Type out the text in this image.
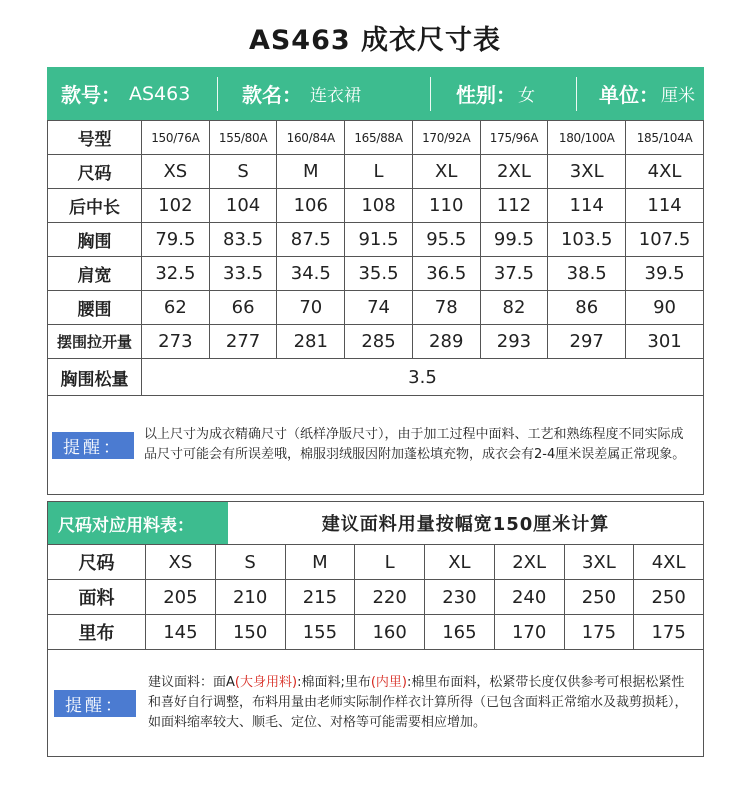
AS463 成衣尺寸表
款号： AS463	款名： 连衣裙	性别： 女	单位： 厘米
号型	150/76A	155/80A	160/84A	165/88A	170/92A	175/96A	180/100A	185/104A
尺码	XS	S	M	L	XL	2XL	3XL	4XL
后中长	102	104	106	108	110	112	114	114
胸围	79.5	83.5	87.5	91.5	95.5	99.5	103.5	107.5
肩宽	32.5	33.5	34.5	35.5	36.5	37.5	38.5	39.5
腰围	62	66	70	74	78	82	86	90
摆围拉开量	273	277	281	285	289	293	297	301
胸围松量	3.5							

提醒：
以上尺寸为成衣精确尺寸（纸样净版尺寸），由于加工过程中面料、工艺和熟练程度不同实际成品尺寸可能会有所误差哦，棉服羽绒服因附加蓬松填充物，成衣会有2-4厘米误差属正常现象。								
尺码对应用料表：	建议面料用量按幅宽150厘米计算
尺码	XS	S	M	L	XL	2XL	3XL	4XL
面料	205	210	215	220	230	240	250	250
里布	145	150	155	160	165	170	175	175
提醒：
建议面料：面A(大身用料):棉面料;里布(内里):棉里布面料，松紧带长度仅供参考可根据松紧性和喜好自行调整，布料用量由老师实际制作样衣计算所得（已包含面料正常缩水及裁剪损耗），如面料缩率较大、顺毛、定位、对格等可能需要相应增加。
